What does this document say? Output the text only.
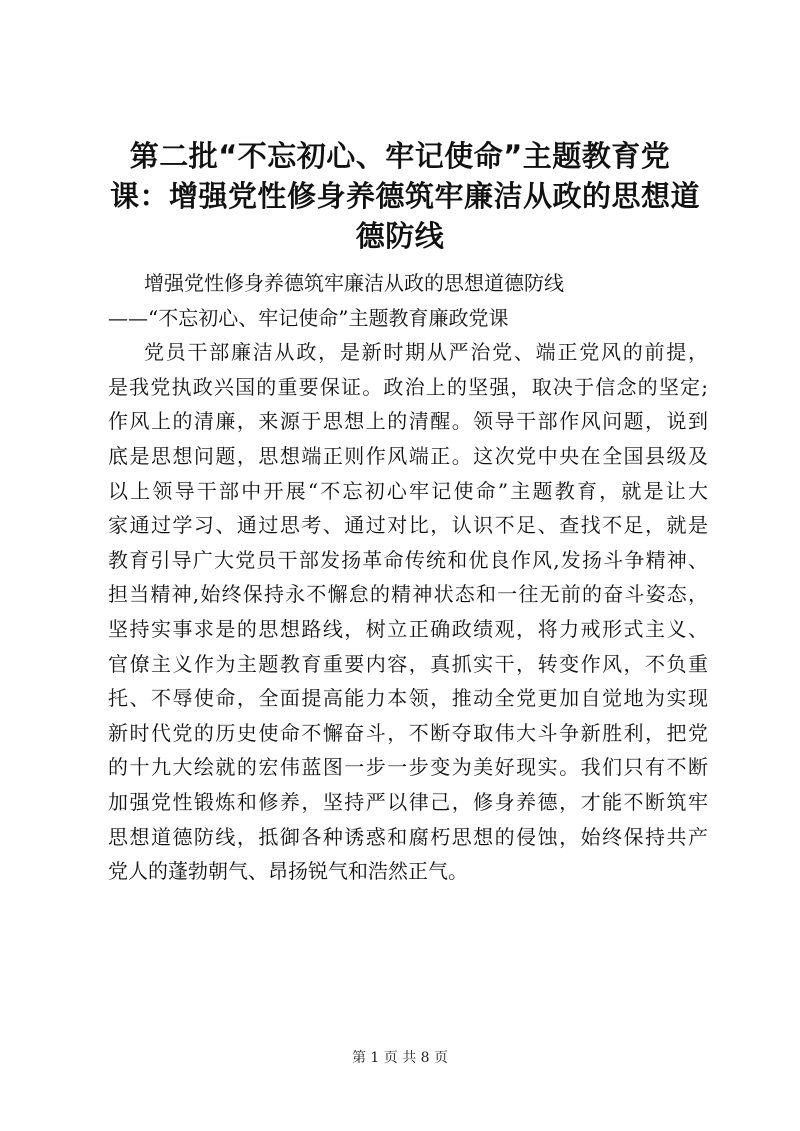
第二批“不忘初心、牢记使命”主题教育党
课：增强党性修身养德筑牢廉洁从政的思想道
德防线
增强党性修身养德筑牢廉洁从政的思想道德防线
——“不忘初心、牢记使命”主题教育廉政党课
党员干部廉洁从政，是新时期从严治党、端正党风的前提，
是我党执政兴国的重要保证。政治上的坚强，取决于信念的坚定;
作风上的清廉，来源于思想上的清醒。领导干部作风问题，说到
底是思想问题，思想端正则作风端正。这次党中央在全国县级及
以上领导干部中开展“不忘初心牢记使命”主题教育，就是让大
家通过学习、通过思考、通过对比，认识不足、查找不足，就是
教育引导广大党员干部发扬革命传统和优良作风,发扬斗争精神、
担当精神,始终保持永不懈怠的精神状态和一往无前的奋斗姿态，
坚持实事求是的思想路线，树立正确政绩观，将力戒形式主义、
官僚主义作为主题教育重要内容，真抓实干，转变作风，不负重
托、不辱使命，全面提高能力本领，推动全党更加自觉地为实现
新时代党的历史使命不懈奋斗，不断夺取伟大斗争新胜利，把党
的十九大绘就的宏伟蓝图一步一步变为美好现实。我们只有不断
加强党性锻炼和修养，坚持严以律己，修身养德，才能不断筑牢
思想道德防线，抵御各种诱惑和腐朽思想的侵蚀，始终保持共产
党人的蓬勃朝气、昂扬锐气和浩然正气。
第 1 页 共 8 页
